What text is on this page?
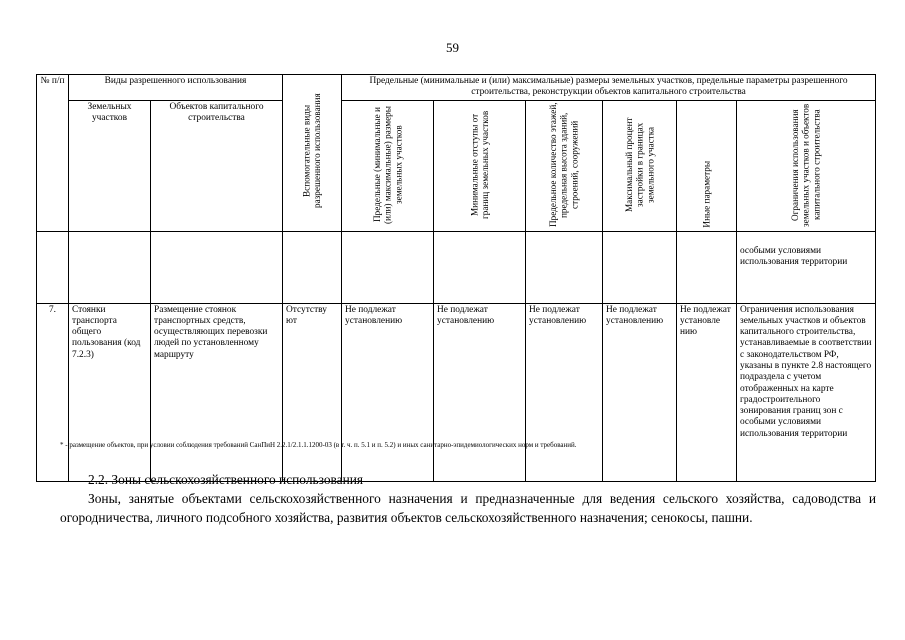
59
№ п/п	Виды разрешенного использования		Вспомогательные виды разрешенного использования	Предельные (минимальные и (или) максимальные) размеры земельных участков, предельные параметры разрешенного строительства, реконструкции объектов капитального строительства					
	Земельных участков	Объектов капитального строительства		Предельные (минимальные и (или) максимальные) размеры земельных участков	Минимальные отступы от границ земельных участков	Предельное количество этажей, предельная высота зданий, строений, сооружений	Максимальный процент застройки в границах земельного участка	Иные параметры	Ограничения использования земельных участков и объектов капитального строительства

									особыми условиями использования территории
7.	Стоянки транспорта общего пользования (код 7.2.3)	Размещение стоянок транспортных средств, осуществляющих перевозки людей по установленному маршруту	Отсутству ют	Не подлежат установлению	Не подлежат установлению	Не подлежат установлению	Не подлежат установлению	Не подлежат установле нию	Ограничения использования земельных участков и объектов капитального строительства, устанавливаемые в соответствии с законодательством РФ, указаны в пункте 2.8 настоящего подраздела с учетом отображенных на карте градостроительного зонирования границ зон с особыми условиями использования территории
* - размещение объектов, при условии соблюдения требований СанПиН 2.2.1/2.1.1.1200-03 (в т. ч. п. 5.1 и п. 5.2) и иных санитарно-эпидемиологических норм и требований.
2.2. Зоны сельскохозяйственного использования
Зоны, занятые объектами сельскохозяйственного назначения и предназначенные для ведения сельского хозяйства, садоводства и огородничества, личного подсобного хозяйства, развития объектов сельскохозяйственного назначения; сенокосы, пашни.
